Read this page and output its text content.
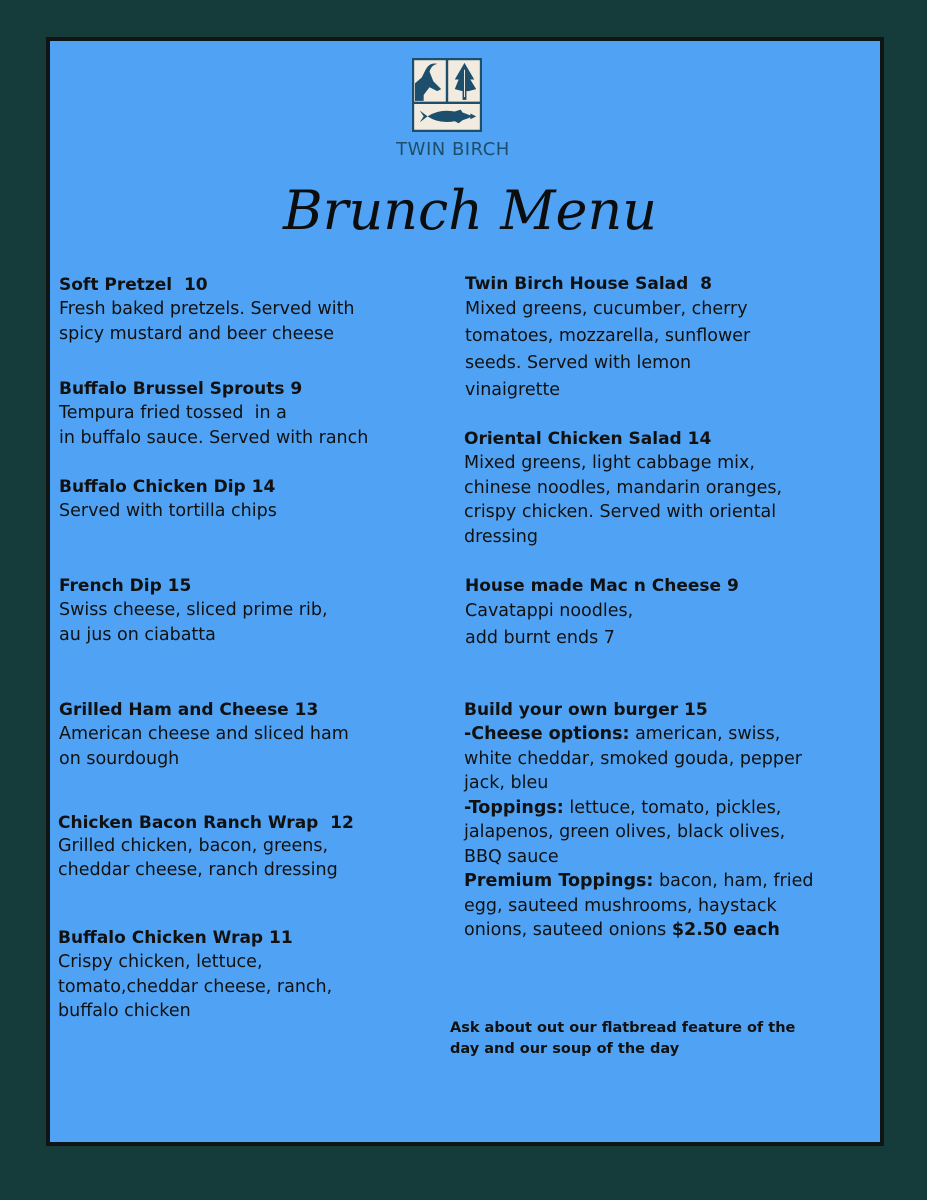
TWIN BIRCH
Brunch Menu
Soft Pretzel  10
Fresh baked pretzels. Served with
spicy mustard and beer cheese
Buffalo Brussel Sprouts 9
Tempura fried tossed  in a
in buffalo sauce. Served with ranch
Buffalo Chicken Dip 14
Served with tortilla chips
French Dip 15
Swiss cheese, sliced prime rib,
au jus on ciabatta
Grilled Ham and Cheese 13
American cheese and sliced ham
on sourdough
Chicken Bacon Ranch Wrap  12
Grilled chicken, bacon, greens,
cheddar cheese, ranch dressing
Buffalo Chicken Wrap 11
Crispy chicken, lettuce,
tomato,cheddar cheese, ranch,
buffalo chicken
Twin Birch House Salad  8
Mixed greens, cucumber, cherry
tomatoes, mozzarella, sunflower
seeds. Served with lemon
vinaigrette
Oriental Chicken Salad 14
Mixed greens, light cabbage mix,
chinese noodles, mandarin oranges,
crispy chicken. Served with oriental
dressing
House made Mac n Cheese 9
Cavatappi noodles,
add burnt ends 7
Build your own burger 15
-Cheese options: american, swiss,
white cheddar, smoked gouda, pepper
jack, bleu
-Toppings: lettuce, tomato, pickles,
jalapenos, green olives, black olives,
BBQ sauce
Premium Toppings: bacon, ham, fried
egg, sauteed mushrooms, haystack
onions, sauteed onions $2.50 each
Ask about out our flatbread feature of the
day and our soup of the day
